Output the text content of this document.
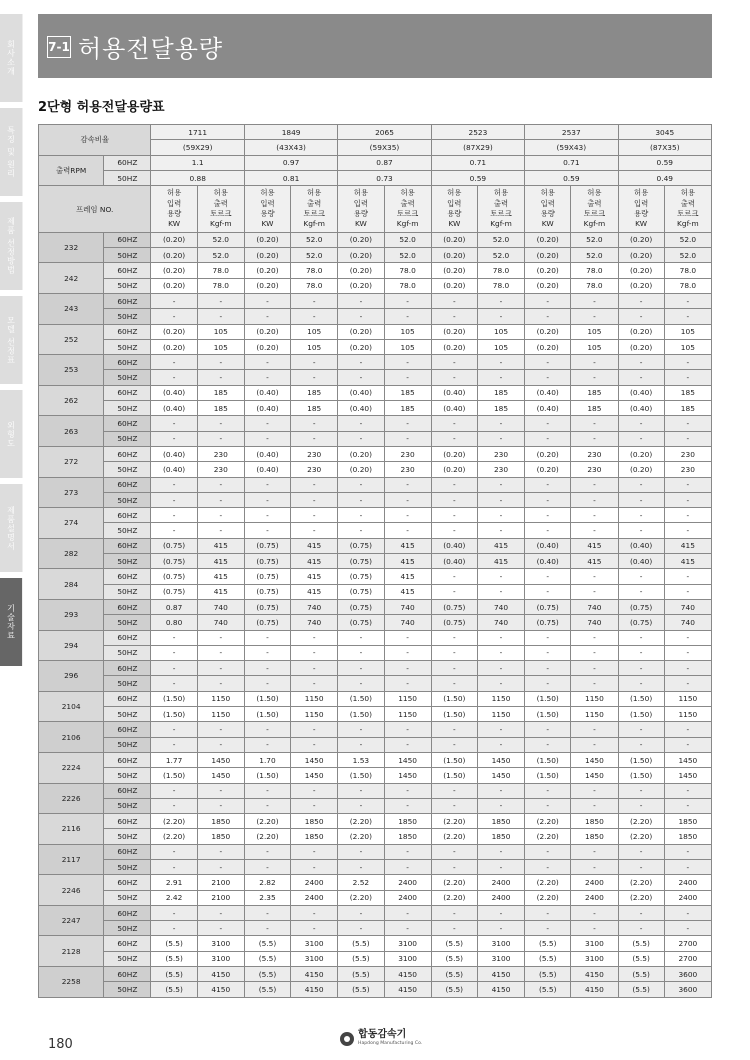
회사소개
특징 및 원리
제품 선정방법
모델 선정표
외형도
제품설명서
기술자료
7-1 허용전달용량
2단형 허용전달용량표
감속비율		1711		1849		2065		2523		2537		3045	
		(59X29)		(43X43)		(59X35)		(87X29)		(59X43)		(87X35)	
출력RPM	60HZ	1.1		0.97		0.87		0.71		0.71		0.59	
	50HZ	0.88		0.81		0.73		0.59		0.59		0.49	
프레임 NO.		허용
입력
용량
KW	허용
출력
토르크
Kgf-m	허용
입력
용량
KW	허용
출력
토르크
Kgf-m	허용
입력
용량
KW	허용
출력
토르크
Kgf-m	허용
입력
용량
KW	허용
출력
토르크
Kgf-m	허용
입력
용량
KW	허용
출력
토르크
Kgf-m	허용
입력
용량
KW	허용
출력
토르크
Kgf-m
232	60HZ	(0.20)	52.0	(0.20)	52.0	(0.20)	52.0	(0.20)	52.0	(0.20)	52.0	(0.20)	52.0
	50HZ	(0.20)	52.0	(0.20)	52.0	(0.20)	52.0	(0.20)	52.0	(0.20)	52.0	(0.20)	52.0
242	60HZ	(0.20)	78.0	(0.20)	78.0	(0.20)	78.0	(0.20)	78.0	(0.20)	78.0	(0.20)	78.0
	50HZ	(0.20)	78.0	(0.20)	78.0	(0.20)	78.0	(0.20)	78.0	(0.20)	78.0	(0.20)	78.0
243	60HZ	-	-	-	-	-	-	-	-	-	-	-	-
	50HZ	-	-	-	-	-	-	-	-	-	-	-	-
252	60HZ	(0.20)	105	(0.20)	105	(0.20)	105	(0.20)	105	(0.20)	105	(0.20)	105
	50HZ	(0.20)	105	(0.20)	105	(0.20)	105	(0.20)	105	(0.20)	105	(0.20)	105
253	60HZ	-	-	-	-	-	-	-	-	-	-	-	-
	50HZ	-	-	-	-	-	-	-	-	-	-	-	-
262	60HZ	(0.40)	185	(0.40)	185	(0.40)	185	(0.40)	185	(0.40)	185	(0.40)	185
	50HZ	(0.40)	185	(0.40)	185	(0.40)	185	(0.40)	185	(0.40)	185	(0.40)	185
263	60HZ	-	-	-	-	-	-	-	-	-	-	-	-
	50HZ	-	-	-	-	-	-	-	-	-	-	-	-
272	60HZ	(0.40)	230	(0.40)	230	(0.20)	230	(0.20)	230	(0.20)	230	(0.20)	230
	50HZ	(0.40)	230	(0.40)	230	(0.20)	230	(0.20)	230	(0.20)	230	(0.20)	230
273	60HZ	-	-	-	-	-	-	-	-	-	-	-	-
	50HZ	-	-	-	-	-	-	-	-	-	-	-	-
274	60HZ	-	-	-	-	-	-	-	-	-	-	-	-
	50HZ	-	-	-	-	-	-	-	-	-	-	-	-
282	60HZ	(0.75)	415	(0.75)	415	(0.75)	415	(0.40)	415	(0.40)	415	(0.40)	415
	50HZ	(0.75)	415	(0.75)	415	(0.75)	415	(0.40)	415	(0.40)	415	(0.40)	415
284	60HZ	(0.75)	415	(0.75)	415	(0.75)	415	-	-	-	-	-	-
	50HZ	(0.75)	415	(0.75)	415	(0.75)	415	-	-	-	-	-	-
293	60HZ	0.87	740	(0.75)	740	(0.75)	740	(0.75)	740	(0.75)	740	(0.75)	740
	50HZ	0.80	740	(0.75)	740	(0.75)	740	(0.75)	740	(0.75)	740	(0.75)	740
294	60HZ	-	-	-	-	-	-	-	-	-	-	-	-
	50HZ	-	-	-	-	-	-	-	-	-	-	-	-
296	60HZ	-	-	-	-	-	-	-	-	-	-	-	-
	50HZ	-	-	-	-	-	-	-	-	-	-	-	-
2104	60HZ	(1.50)	1150	(1.50)	1150	(1.50)	1150	(1.50)	1150	(1.50)	1150	(1.50)	1150
	50HZ	(1.50)	1150	(1.50)	1150	(1.50)	1150	(1.50)	1150	(1.50)	1150	(1.50)	1150
2106	60HZ	-	-	-	-	-	-	-	-	-	-	-	-
	50HZ	-	-	-	-	-	-	-	-	-	-	-	-
2224	60HZ	1.77	1450	1.70	1450	1.53	1450	(1.50)	1450	(1.50)	1450	(1.50)	1450
	50HZ	(1.50)	1450	(1.50)	1450	(1.50)	1450	(1.50)	1450	(1.50)	1450	(1.50)	1450
2226	60HZ	-	-	-	-	-	-	-	-	-	-	-	-
	50HZ	-	-	-	-	-	-	-	-	-	-	-	-
2116	60HZ	(2.20)	1850	(2.20)	1850	(2.20)	1850	(2.20)	1850	(2.20)	1850	(2.20)	1850
	50HZ	(2.20)	1850	(2.20)	1850	(2.20)	1850	(2.20)	1850	(2.20)	1850	(2.20)	1850
2117	60HZ	-	-	-	-	-	-	-	-	-	-	-	-
	50HZ	-	-	-	-	-	-	-	-	-	-	-	-
2246	60HZ	2.91	2100	2.82	2400	2.52	2400	(2.20)	2400	(2.20)	2400	(2.20)	2400
	50HZ	2.42	2100	2.35	2400	(2.20)	2400	(2.20)	2400	(2.20)	2400	(2.20)	2400
2247	60HZ	-	-	-	-	-	-	-	-	-	-	-	-
	50HZ	-	-	-	-	-	-	-	-	-	-	-	-
2128	60HZ	(5.5)	3100	(5.5)	3100	(5.5)	3100	(5.5)	3100	(5.5)	3100	(5.5)	2700
	50HZ	(5.5)	3100	(5.5)	3100	(5.5)	3100	(5.5)	3100	(5.5)	3100	(5.5)	2700
2258	60HZ	(5.5)	4150	(5.5)	4150	(5.5)	4150	(5.5)	4150	(5.5)	4150	(5.5)	3600
	50HZ	(5.5)	4150	(5.5)	4150	(5.5)	4150	(5.5)	4150	(5.5)	4150	(5.5)	3600
180
합동감속기
Hapdong Manufacturing Co.
